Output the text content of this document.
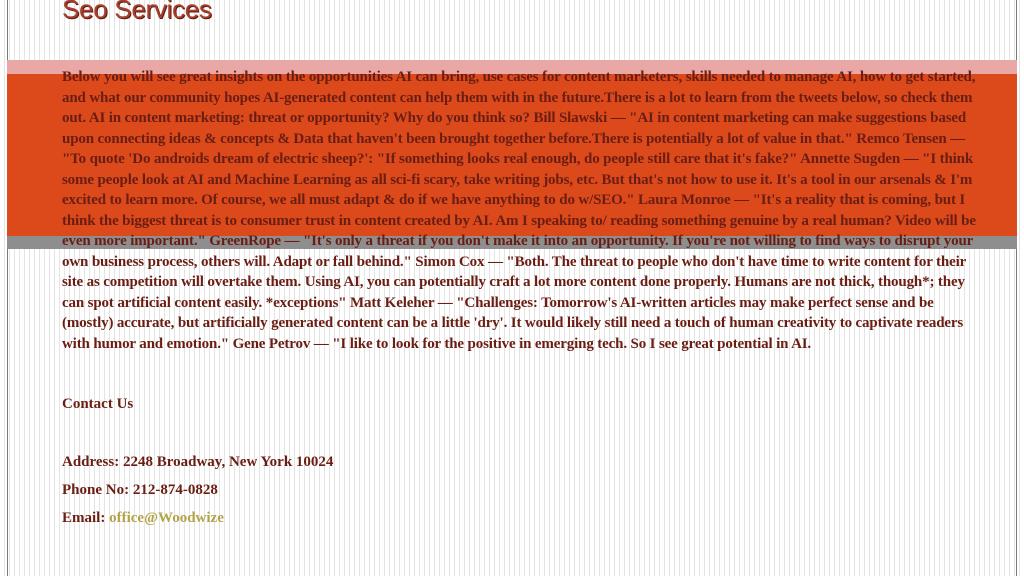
Seo Services

Below you will see great insights on the opportunities AI can bring, use cases for content marketers, skills needed to manage AI, how to get started, and what our community hopes AI-generated content can help them with in the future.There is a lot to learn from the tweets below, so check them out. AI in content marketing: threat or opportunity? Why do you think so? Bill Slawski — "AI in content marketing can make suggestions based upon connecting ideas & concepts & Data that haven't been brought together before.There is potentially a lot of value in that." Remco Tensen — "To quote 'Do androids dream of electric sheep?': "If something looks real enough, do people still care that it's fake?" Annette Sugden — "I think some people look at AI and Machine Learning as all sci-fi scary, take writing jobs, etc. But that's not how to use it. It's a tool in our arsenals & I'm excited to learn more. Of course, we all must adapt & do if we have anything to do w/SEO." Laura Monroe — "It's a reality that is coming, but I think the biggest threat is to consumer trust in content created by AI. Am I speaking to/ reading something genuine by a real human? Video will be even more important." GreenRope — "It's only a threat if you don't make it into an opportunity. If you're not willing to find ways to disrupt your own business process, others will. Adapt or fall behind." Simon Cox — "Both. The threat to people who don't have time to write content for their site as competition will overtake them. Using AI, you can potentially craft a lot more content done properly. Humans are not thick, though*; they can spot artificial content easily. *exceptions" Matt Keleher — "Challenges: Tomorrow's AI-written articles may make perfect sense and be (mostly) accurate, but artificially generated content can be a little 'dry'. It would likely still need a touch of human creativity to captivate readers with humor and emotion." Gene Petrov — "I like to look for the positive in emerging tech. So I see great potential in AI.

Contact Us

Address: 2248 Broadway, New York 10024

Phone No: 212-874-0828

Email: office@Woodwize
